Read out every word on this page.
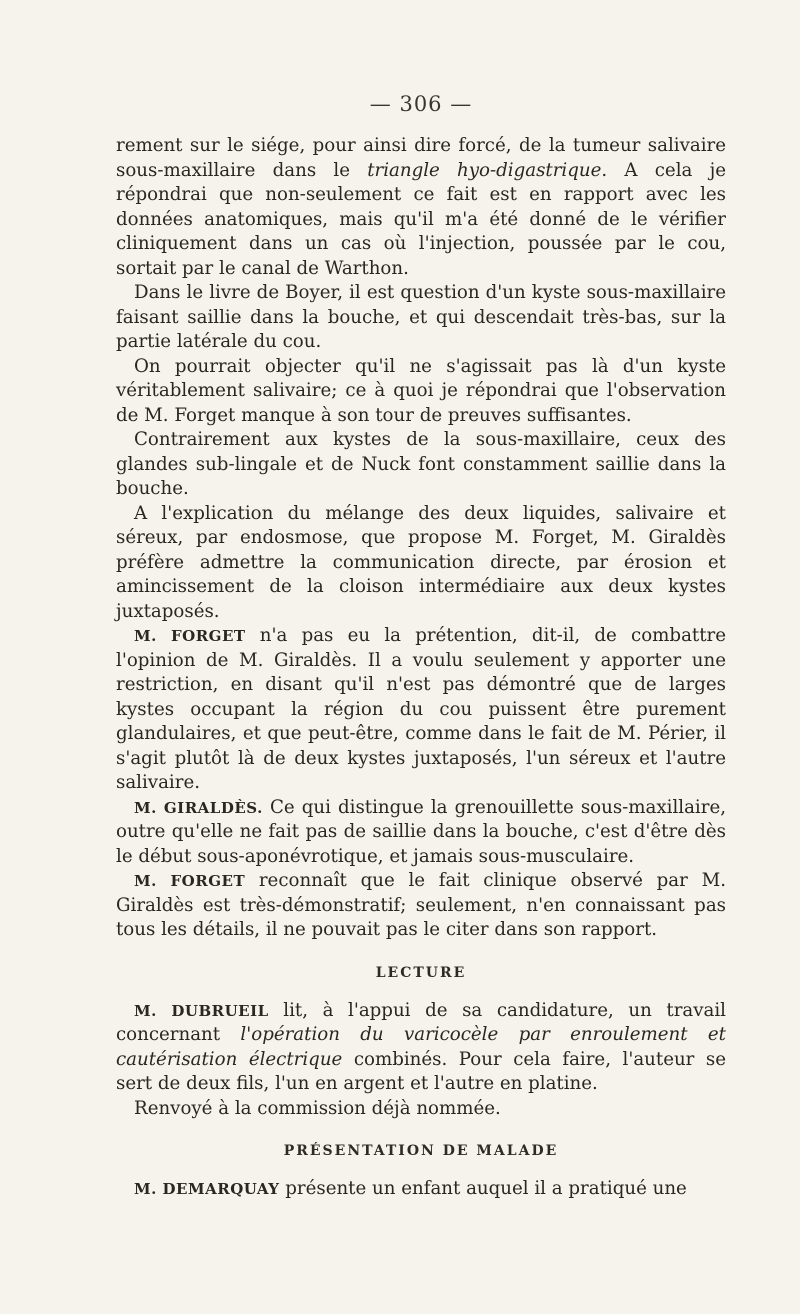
— 306 —

rement sur le siége, pour ainsi dire forcé, de la tumeur salivaire sous-maxillaire dans le triangle hyo-digastrique. A cela je répondrai que non-seulement ce fait est en rapport avec les données anatomiques, mais qu'il m'a été donné de le vérifier cliniquement dans un cas où l'injection, poussée par le cou, sortait par le canal de Warthon.

Dans le livre de Boyer, il est question d'un kyste sous-maxillaire faisant saillie dans la bouche, et qui descendait très-bas, sur la partie latérale du cou.

On pourrait objecter qu'il ne s'agissait pas là d'un kyste véritablement salivaire; ce à quoi je répondrai que l'observation de M. Forget manque à son tour de preuves suffisantes.

Contrairement aux kystes de la sous-maxillaire, ceux des glandes sub-lingale et de Nuck font constamment saillie dans la bouche.

A l'explication du mélange des deux liquides, salivaire et séreux, par endosmose, que propose M. Forget, M. Giraldès préfère admettre la communication directe, par érosion et amincissement de la cloison intermédiaire aux deux kystes juxtaposés.

M. FORGET n'a pas eu la prétention, dit-il, de combattre l'opinion de M. Giraldès. Il a voulu seulement y apporter une restriction, en disant qu'il n'est pas démontré que de larges kystes occupant la région du cou puissent être purement glandulaires, et que peut-être, comme dans le fait de M. Périer, il s'agit plutôt là de deux kystes juxtaposés, l'un séreux et l'autre salivaire.

M. GIRALDÈS. Ce qui distingue la grenouillette sous-maxillaire, outre qu'elle ne fait pas de saillie dans la bouche, c'est d'être dès le début sous-aponévrotique, et jamais sous-musculaire.

M. FORGET reconnaît que le fait clinique observé par M. Giraldès est très-démonstratif; seulement, n'en connaissant pas tous les détails, il ne pouvait pas le citer dans son rapport.

LECTURE

M. DUBRUEIL lit, à l'appui de sa candidature, un travail concernant l'opération du varicocèle par enroulement et cautérisation électrique combinés. Pour cela faire, l'auteur se sert de deux fils, l'un en argent et l'autre en platine.

Renvoyé à la commission déjà nommée.

PRÉSENTATION DE MALADE

M. DEMARQUAY présente un enfant auquel il a pratiqué une
